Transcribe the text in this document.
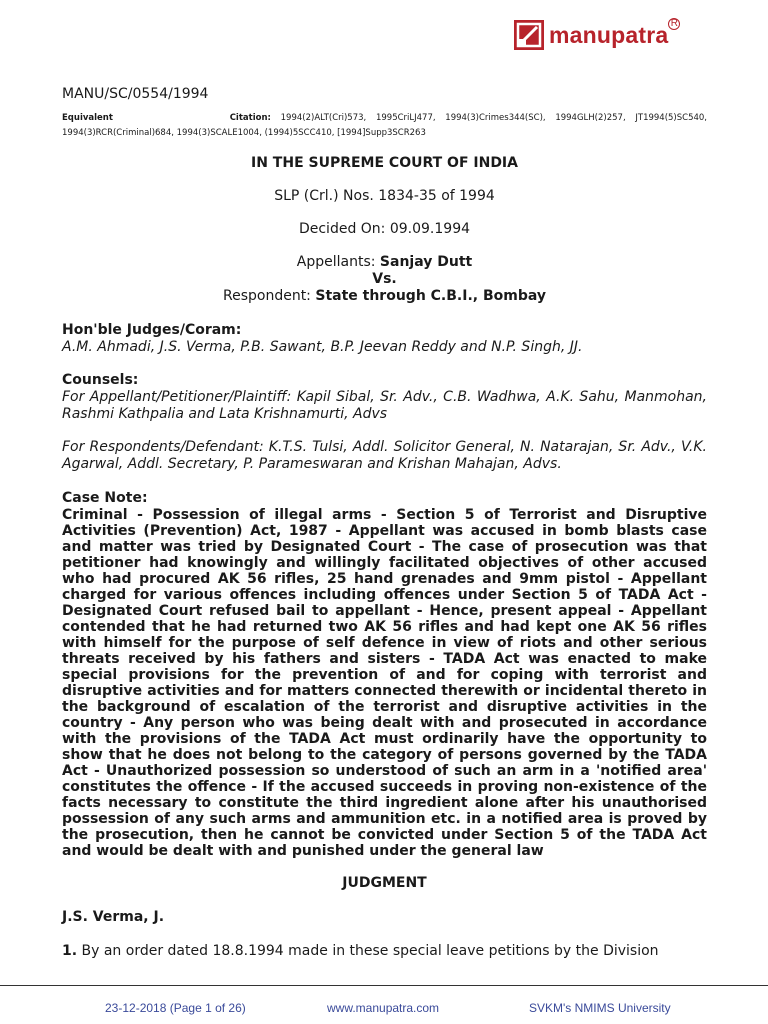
manupatra R
MANU/SC/0554/1994
Equivalent	Citation: 1994(2)ALT(Cri)573, 1995CriLJ477, 1994(3)Crimes344(SC), 1994GLH(2)257, JT1994(5)SC540,
1994(3)RCR(Criminal)684, 1994(3)SCALE1004, (1994)5SCC410, [1994]Supp3SCR263
IN THE SUPREME COURT OF INDIA
SLP (Crl.) Nos. 1834-35 of 1994
Decided On: 09.09.1994
Appellants: Sanjay Dutt
Vs.
Respondent: State through C.B.I., Bombay
Hon'ble Judges/Coram:
A.M. Ahmadi, J.S. Verma, P.B. Sawant, B.P. Jeevan Reddy and N.P. Singh, JJ.
Counsels:
For Appellant/Petitioner/Plaintiff: Kapil Sibal, Sr. Adv., C.B. Wadhwa, A.K. Sahu, Manmohan, Rashmi Kathpalia and Lata Krishnamurti, Advs
For Respondents/Defendant: K.T.S. Tulsi, Addl. Solicitor General, N. Natarajan, Sr. Adv., V.K. Agarwal, Addl. Secretary, P. Parameswaran and Krishan Mahajan, Advs.
Case Note:
Criminal - Possession of illegal arms - Section 5 of Terrorist and Disruptive Activities (Prevention) Act, 1987 - Appellant was accused in bomb blasts case and matter was tried by Designated Court - The case of prosecution was that petitioner had knowingly and willingly facilitated objectives of other accused who had procured AK 56 rifles, 25 hand grenades and 9mm pistol - Appellant charged for various offences including offences under Section 5 of TADA Act - Designated Court refused bail to appellant - Hence, present appeal - Appellant contended that he had returned two AK 56 rifles and had kept one AK 56 rifles with himself for the purpose of self defence in view of riots and other serious threats received by his fathers and sisters - TADA Act was enacted to make special provisions for the prevention of and for coping with terrorist and disruptive activities and for matters connected therewith or incidental thereto in the background of escalation of the terrorist and disruptive activities in the country - Any person who was being dealt with and prosecuted in accordance with the provisions of the TADA Act must ordinarily have the opportunity to show that he does not belong to the category of persons governed by the TADA Act - Unauthorized possession so understood of such an arm in a 'notified area' constitutes the offence - If the accused succeeds in proving non-existence of the facts necessary to constitute the third ingredient alone after his unauthorised possession of any such arms and ammunition etc. in a notified area is proved by the prosecution, then he cannot be convicted under Section 5 of the TADA Act and would be dealt with and punished under the general law
JUDGMENT
J.S. Verma, J.
1. By an order dated 18.8.1994 made in these special leave petitions by the Division
23-12-2018 (Page 1 of 26)	www.manupatra.com	SVKM's NMIMS University
